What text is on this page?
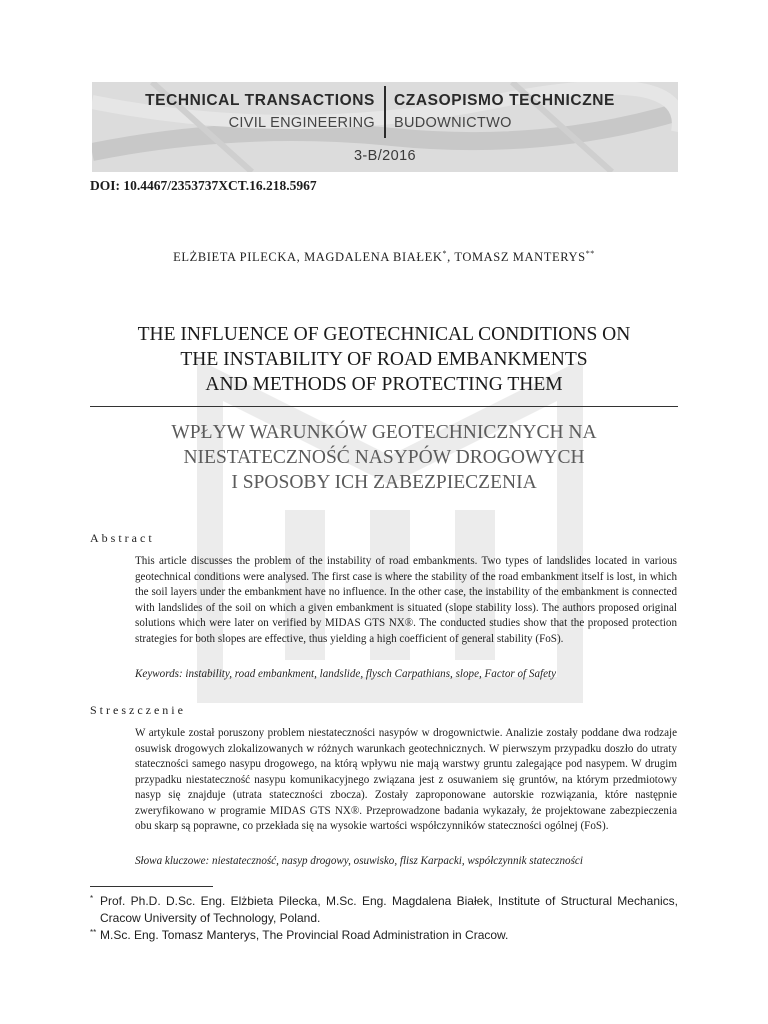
TECHNICAL TRANSACTIONS
CIVIL ENGINEERING
CZASOPISMO TECHNICZNE
BUDOWNICTWO
3-B/2016
DOI: 10.4467/2353737XCT.16.218.5967
ELŻBIETA PILECKA, MAGDALENA BIAŁEK*, TOMASZ MANTERYS**
THE INFLUENCE OF GEOTECHNICAL CONDITIONS ON
THE INSTABILITY OF ROAD EMBANKMENTS
AND METHODS OF PROTECTING THEM
WPŁYW WARUNKÓW GEOTECHNICZNYCH NA
NIESTATECZNOŚĆ NASYPÓW DROGOWYCH
I SPOSOBY ICH ZABEZPIECZENIA
Abstract
This article discusses the problem of the instability of road embankments. Two types of landslides located in various geotechnical conditions were analysed. The first case is where the stability of the road embankment itself is lost, in which the soil layers under the embankment have no influence. In the other case, the instability of the embankment is connected with landslides of the soil on which a given embankment is situated (slope stability loss). The authors proposed original solutions which were later on verified by MIDAS GTS NX®. The conducted studies show that the proposed protection strategies for both slopes are effective, thus yielding a high coefficient of general stability (FoS).
Keywords: instability, road embankment, landslide, flysch Carpathians, slope, Factor of Safety
Streszczenie
W artykule został poruszony problem niestateczności nasypów w drogownictwie. Analizie zostały poddane dwa rodzaje osuwisk drogowych zlokalizowanych w różnych warunkach geotechnicznych. W pierwszym przypadku doszło do utraty stateczności samego nasypu drogowego, na którą wpływu nie mają warstwy gruntu zalegające pod nasypem. W drugim przypadku niestateczność nasypu komunikacyjnego związana jest z osuwaniem się gruntów, na którym przedmiotowy nasyp się znajduje (utrata stateczności zbocza). Zostały zaproponowane autorskie rozwiązania, które następnie zweryfikowano w programie MIDAS GTS NX®. Przeprowadzone badania wykazały, że projektowane zabezpieczenia obu skarp są poprawne, co przekłada się na wysokie wartości współczynników stateczności ogólnej (FoS).
Słowa kluczowe: niestateczność, nasyp drogowy, osuwisko, flisz Karpacki, współczynnik stateczności
* Prof. Ph.D. D.Sc. Eng. Elżbieta Pilecka, M.Sc. Eng. Magdalena Białek, Institute of Structural Mechanics, Cracow University of Technology, Poland.
** M.Sc. Eng. Tomasz Manterys, The Provincial Road Administration in Cracow.
